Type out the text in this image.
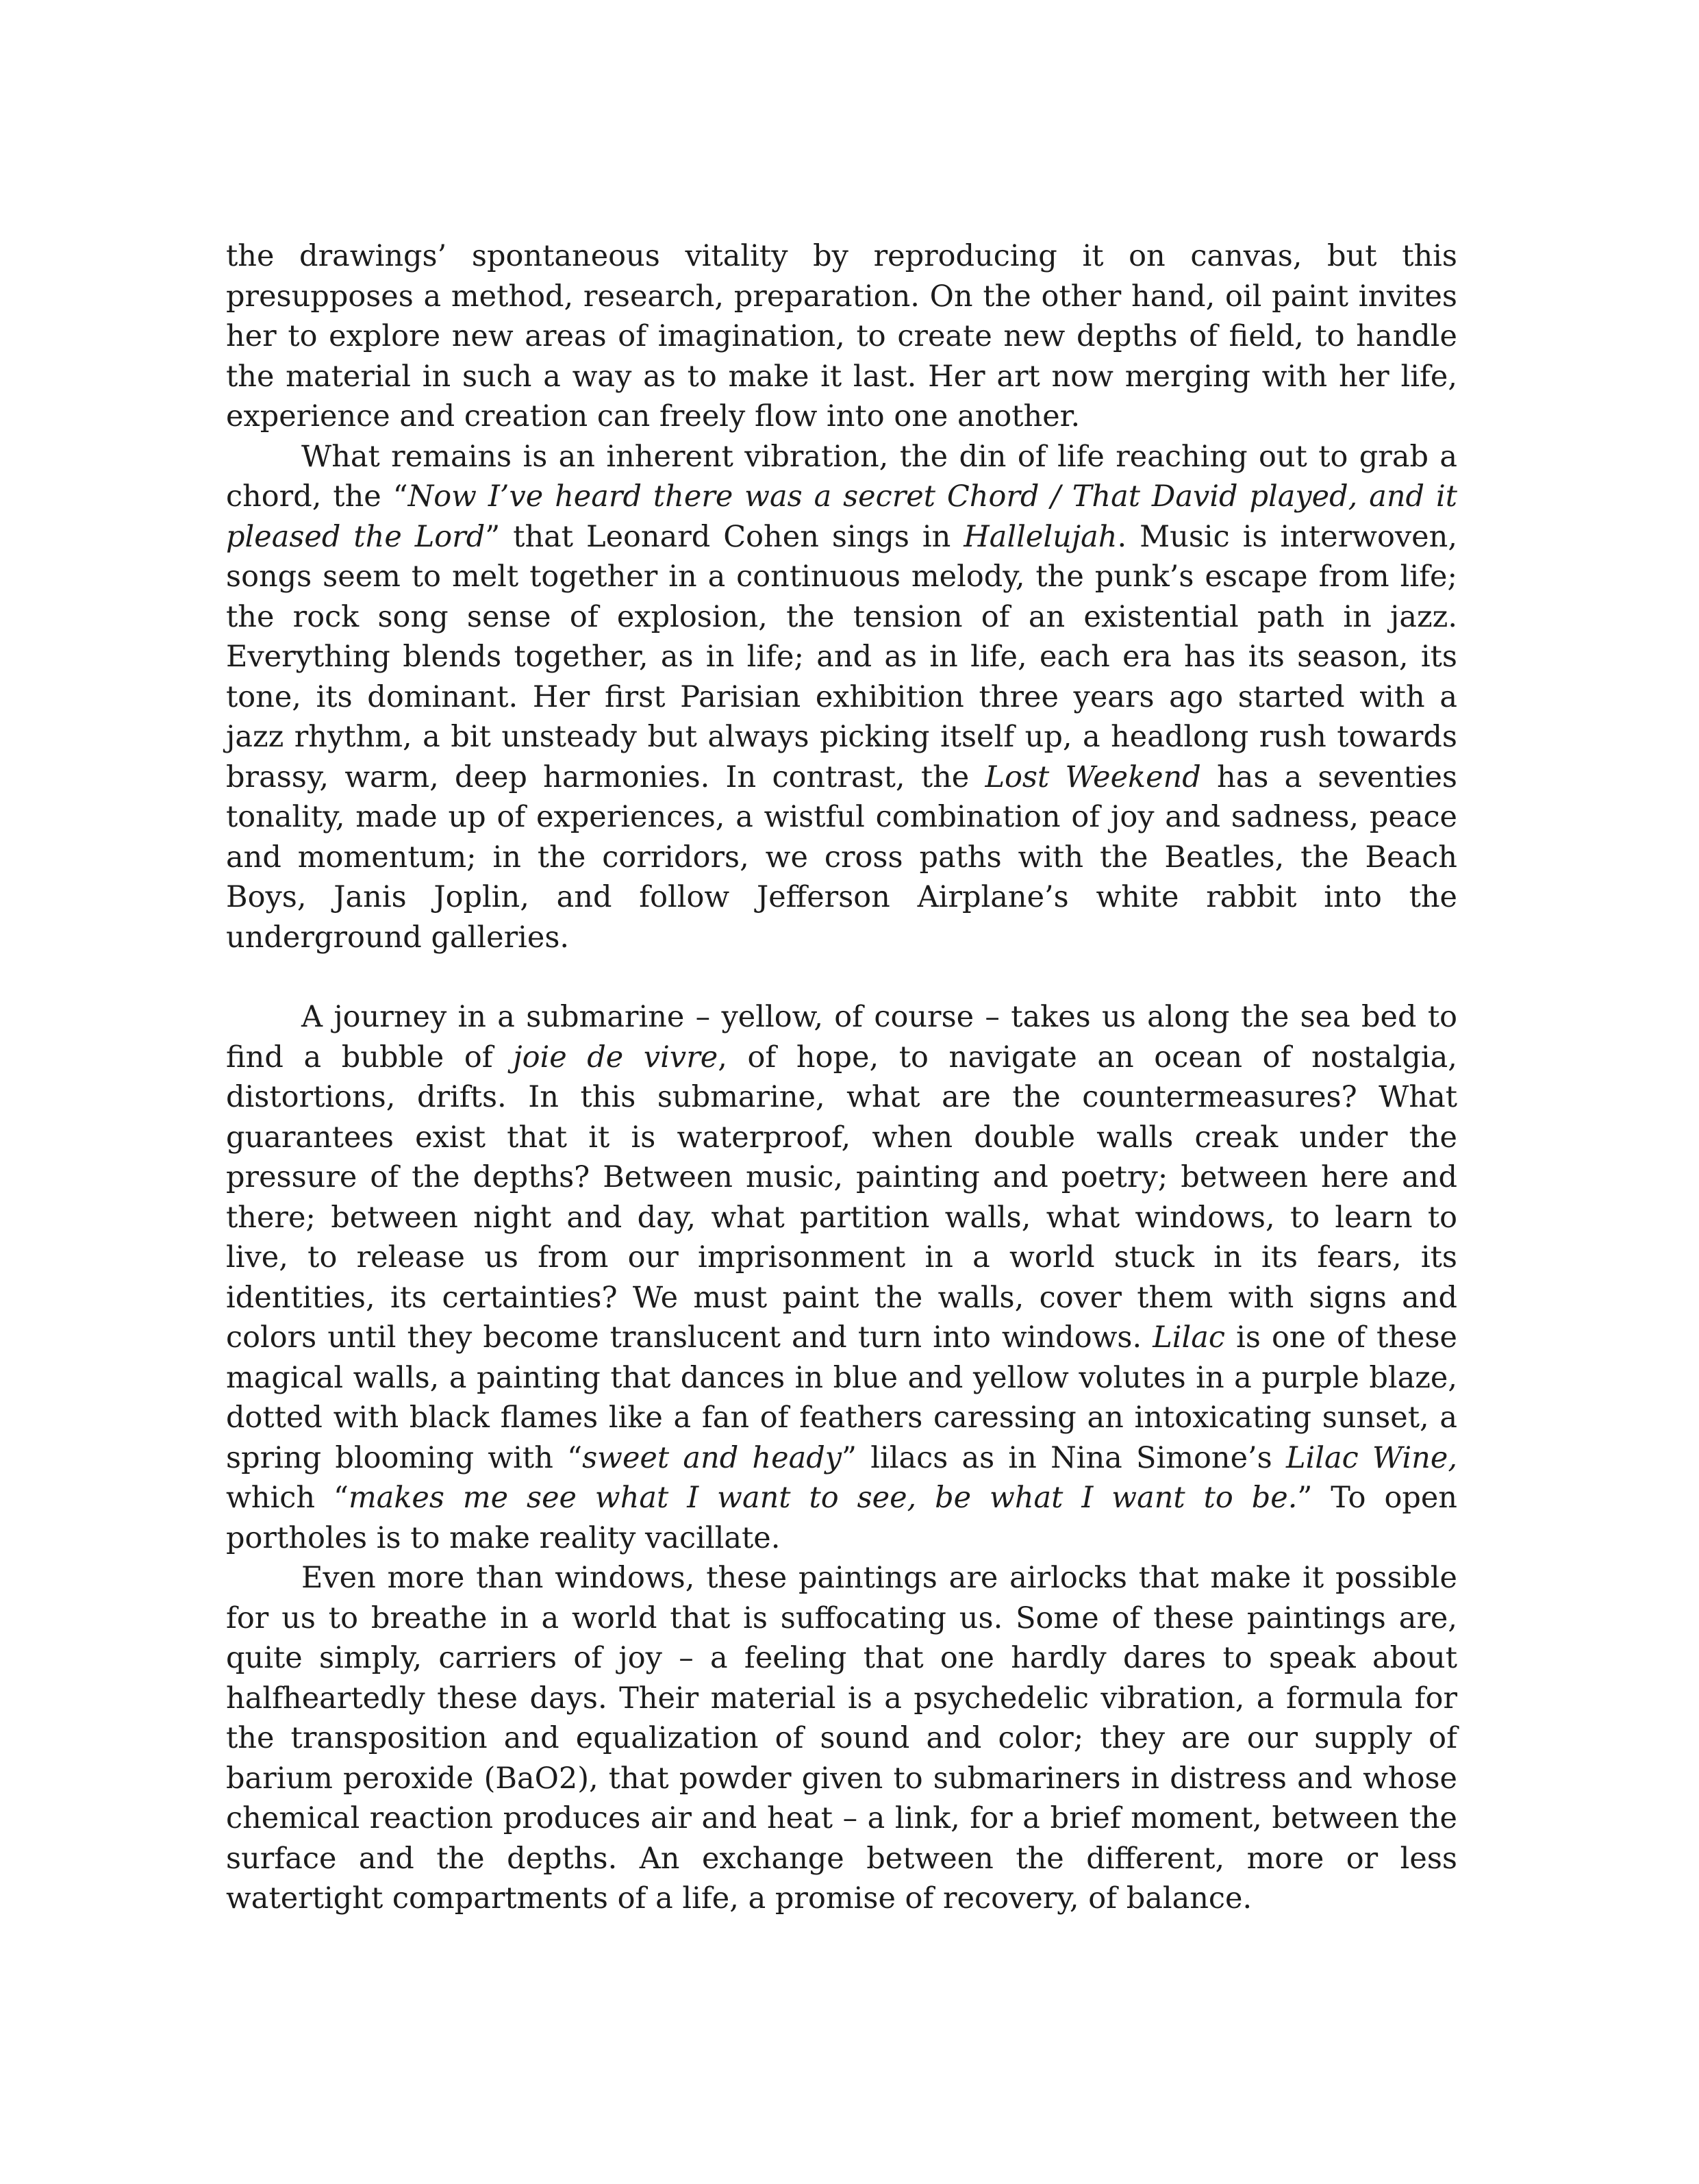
the drawings’ spontaneous vitality by reproducing it on canvas, but this presupposes a method, research, preparation. On the other hand, oil paint invites her to explore new areas of imagination, to create new depths of field, to handle the material in such a way as to make it last. Her art now merging with her life, experience and creation can freely flow into one another.

What remains is an inherent vibration, the din of life reaching out to grab a chord, the “Now I’ve heard there was a secret Chord / That David played, and it pleased the Lord” that Leonard Cohen sings in Hallelujah. Music is interwoven, songs seem to melt together in a continuous melody, the punk’s escape from life; the rock song sense of explosion, the tension of an existential path in jazz. Everything blends together, as in life; and as in life, each era has its season, its tone, its dominant. Her first Parisian exhibition three years ago started with a jazz rhythm, a bit unsteady but always picking itself up, a headlong rush towards brassy, warm, deep harmonies. In contrast, the Lost Weekend has a seventies tonality, made up of experiences, a wistful combination of joy and sadness, peace and momentum; in the corridors, we cross paths with the Beatles, the Beach Boys, Janis Joplin, and follow Jefferson Airplane’s white rabbit into the underground galleries.

A journey in a submarine – yellow, of course – takes us along the sea bed to find a bubble of joie de vivre, of hope, to navigate an ocean of nostalgia, distortions, drifts. In this submarine, what are the countermeasures? What guarantees exist that it is waterproof, when double walls creak under the pressure of the depths? Between music, painting and poetry; between here and there; between night and day, what partition walls, what windows, to learn to live, to release us from our imprisonment in a world stuck in its fears, its identities, its certainties? We must paint the walls, cover them with signs and colors until they become translucent and turn into windows. Lilac is one of these magical walls, a painting that dances in blue and yellow volutes in a purple blaze, dotted with black flames like a fan of feathers caressing an intoxicating sunset, a spring blooming with “sweet and heady” lilacs as in Nina Simone’s Lilac Wine, which “makes me see what I want to see, be what I want to be.” To open portholes is to make reality vacillate.

Even more than windows, these paintings are airlocks that make it possible for us to breathe in a world that is suffocating us. Some of these paintings are, quite simply, carriers of joy – a feeling that one hardly dares to speak about halfheartedly these days. Their material is a psychedelic vibration, a formula for the transposition and equalization of sound and color; they are our supply of barium peroxide (BaO2), that powder given to submariners in distress and whose chemical reaction produces air and heat – a link, for a brief moment, between the surface and the depths. An exchange between the different, more or less watertight compartments of a life, a promise of recovery, of balance.
